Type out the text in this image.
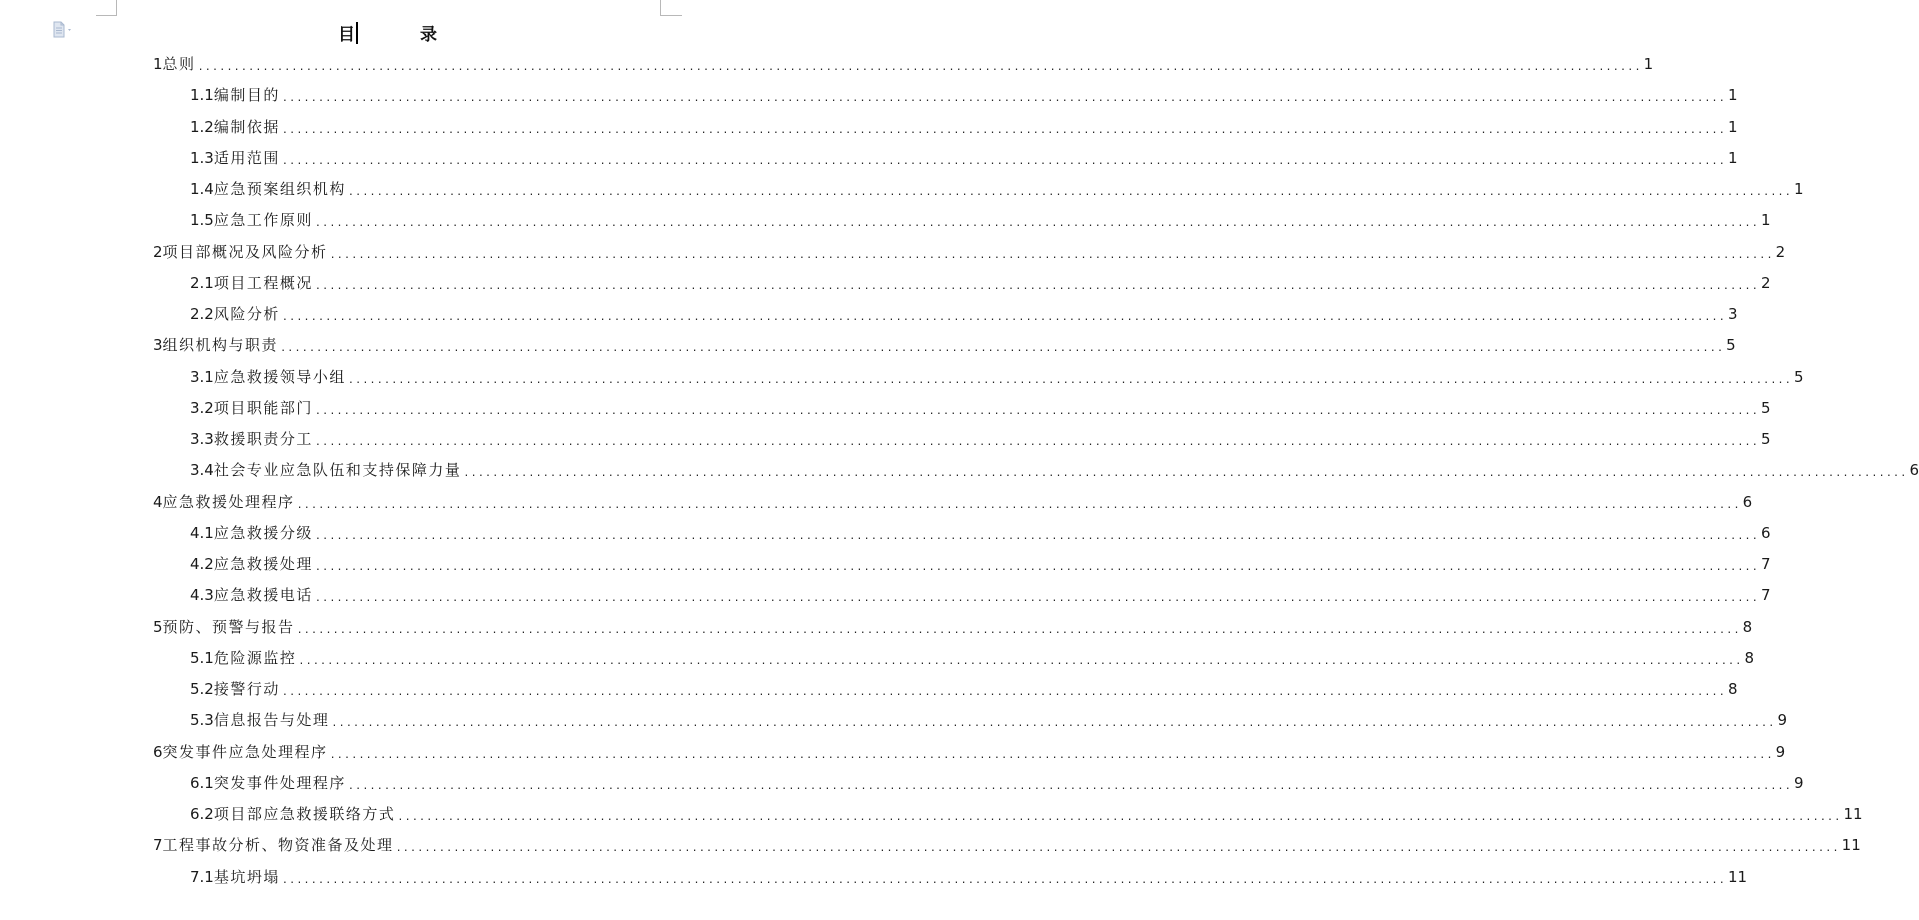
目　录
1 总则 ........................................................................................................................................................................................................ 1
1.1 编制目的 ........................................................................................................................................................................................................ 1
1.2 编制依据 ........................................................................................................................................................................................................ 1
1.3 适用范围 ........................................................................................................................................................................................................ 1
1.4 应急预案组织机构 ........................................................................................................................................................................................................ 1
1.5 应急工作原则 ........................................................................................................................................................................................................ 1
2 项目部概况及风险分析 ........................................................................................................................................................................................................ 2
2.1 项目工程概况 ........................................................................................................................................................................................................ 2
2.2 风险分析 ........................................................................................................................................................................................................ 3
3 组织机构与职责 ........................................................................................................................................................................................................ 5
3.1 应急救援领导小组 ........................................................................................................................................................................................................ 5
3.2 项目职能部门 ........................................................................................................................................................................................................ 5
3.3 救援职责分工 ........................................................................................................................................................................................................ 5
3.4 社会专业应急队伍和支持保障力量 ........................................................................................................................................................................................................ 6
4 应急救援处理程序 ........................................................................................................................................................................................................ 6
4.1 应急救援分级 ........................................................................................................................................................................................................ 6
4.2 应急救援处理 ........................................................................................................................................................................................................ 7
4.3 应急救援电话 ........................................................................................................................................................................................................ 7
5 预防、预警与报告 ........................................................................................................................................................................................................ 8
5.1 危险源监控 ........................................................................................................................................................................................................ 8
5.2 接警行动 ........................................................................................................................................................................................................ 8
5.3 信息报告与处理 ........................................................................................................................................................................................................ 9
6 突发事件应急处理程序 ........................................................................................................................................................................................................ 9
6.1 突发事件处理程序 ........................................................................................................................................................................................................ 9
6.2 项目部应急救援联络方式 ........................................................................................................................................................................................................ 11
7 工程事故分析、物资准备及处理 ........................................................................................................................................................................................................ 11
7.1 基坑坍塌 ........................................................................................................................................................................................................ 11
